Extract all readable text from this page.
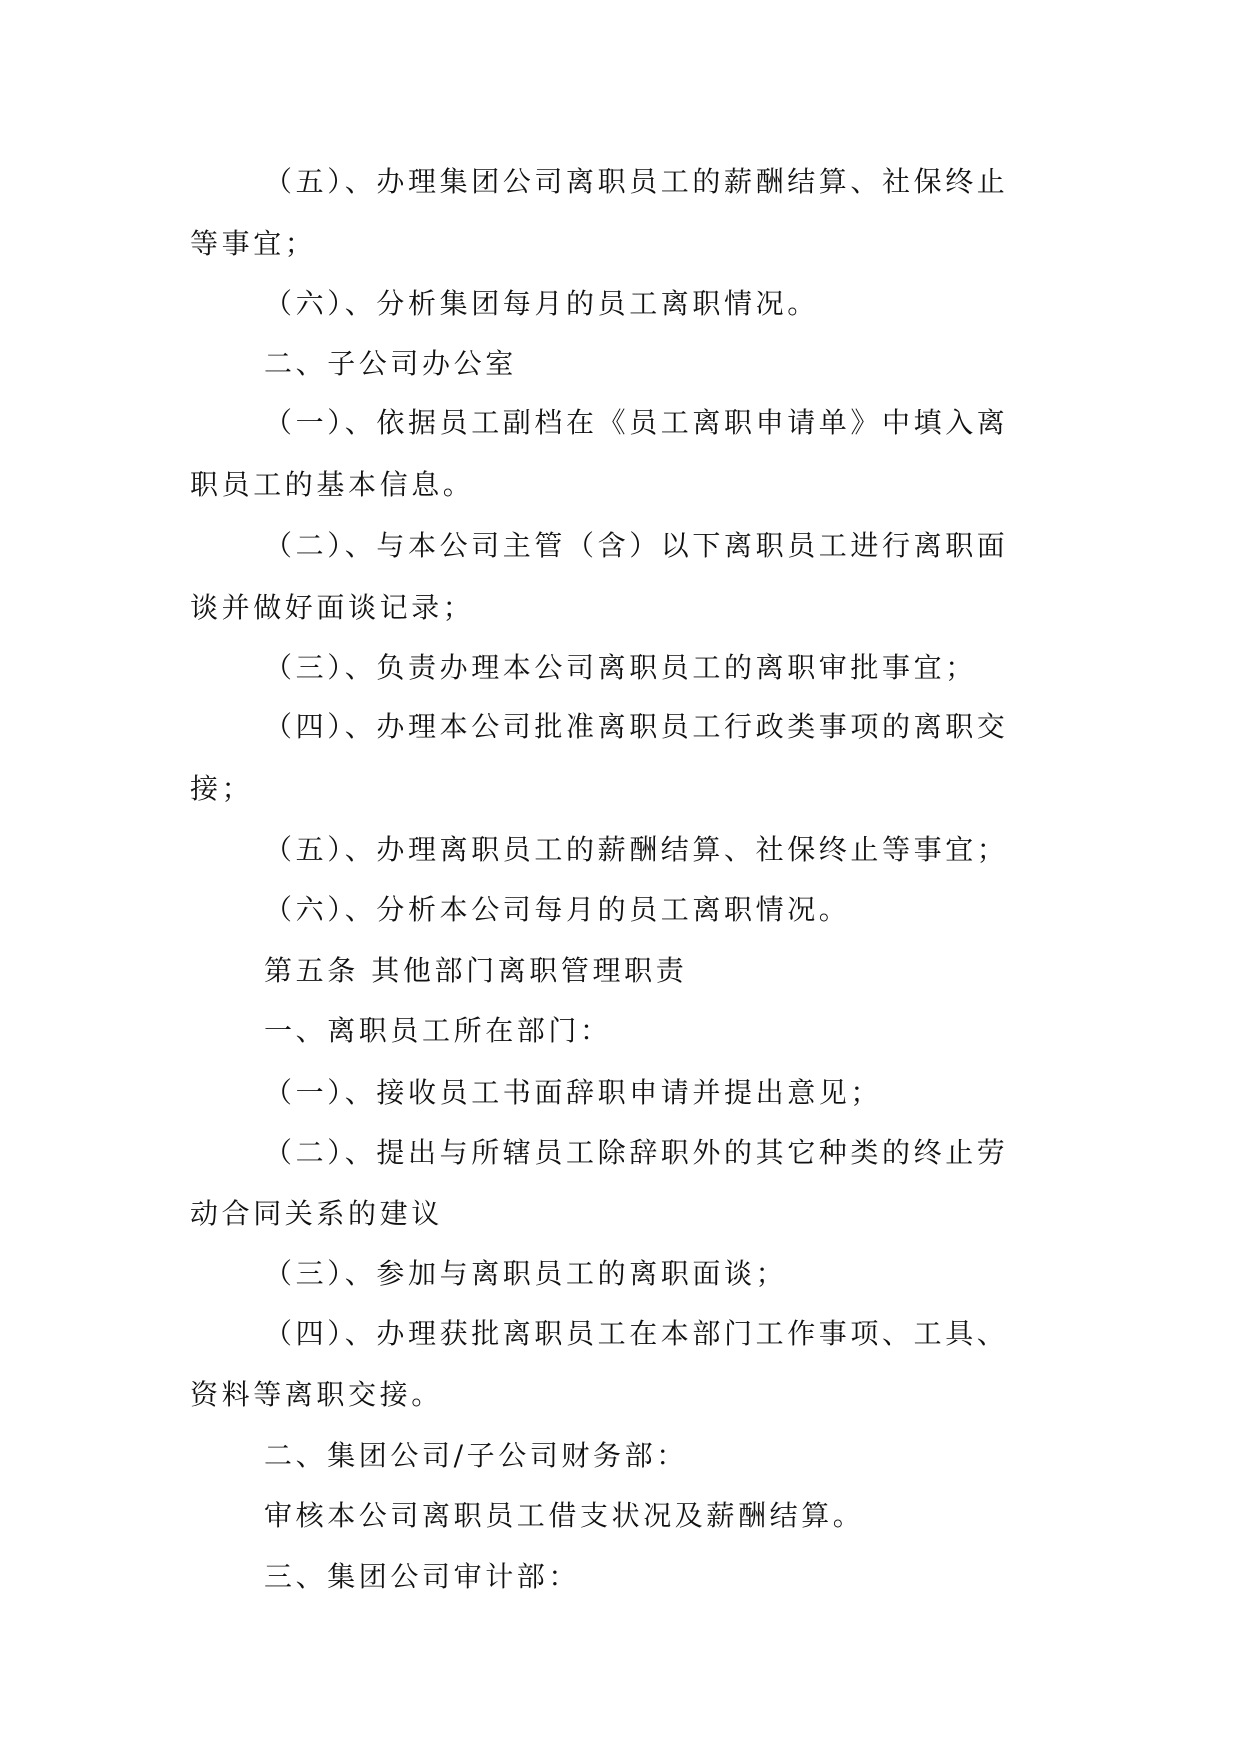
（五）、办理集团公司离职员工的薪酬结算、社保终止

等事宜；

（六）、分析集团每月的员工离职情况。

二、子公司办公室

（一）、依据员工副档在《员工离职申请单》中填入离

职员工的基本信息。

（二）、与本公司主管（含）以下离职员工进行离职面

谈并做好面谈记录；

（三）、负责办理本公司离职员工的离职审批事宜；

（四）、办理本公司批准离职员工行政类事项的离职交

接；

（五）、办理离职员工的薪酬结算、社保终止等事宜；

（六）、分析本公司每月的员工离职情况。

第五条 其他部门离职管理职责

一、离职员工所在部门：

（一）、接收员工书面辞职申请并提出意见；

（二）、提出与所辖员工除辞职外的其它种类的终止劳

动合同关系的建议

（三）、参加与离职员工的离职面谈；

（四）、办理获批离职员工在本部门工作事项、工具、

资料等离职交接。

二、集团公司/子公司财务部：

审核本公司离职员工借支状况及薪酬结算。

三、集团公司审计部：
